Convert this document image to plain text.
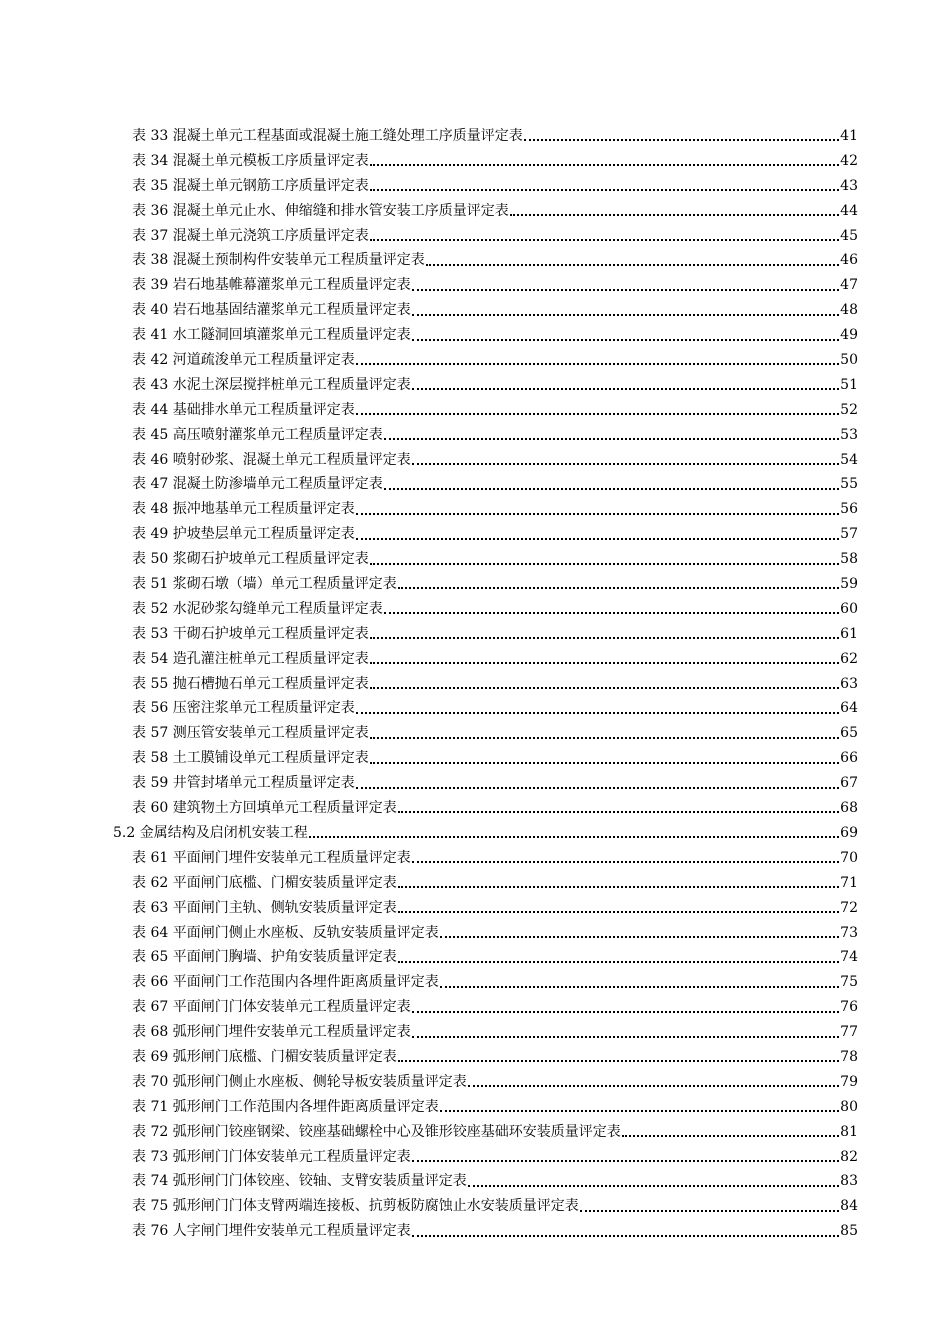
表 33 混凝土单元工程基面或混凝土施工缝处理工序质量评定表	41
表 34 混凝土单元模板工序质量评定表	42
表 35 混凝土单元钢筋工序质量评定表	43
表 36 混凝土单元止水、伸缩缝和排水管安装工序质量评定表	44
表 37 混凝土单元浇筑工序质量评定表	45
表 38 混凝土预制构件安装单元工程质量评定表	46
表 39 岩石地基帷幕灌浆单元工程质量评定表	47
表 40 岩石地基固结灌浆单元工程质量评定表	48
表 41 水工隧洞回填灌浆单元工程质量评定表	49
表 42 河道疏浚单元工程质量评定表	50
表 43 水泥土深层搅拌桩单元工程质量评定表	51
表 44 基础排水单元工程质量评定表	52
表 45 高压喷射灌浆单元工程质量评定表	53
表 46 喷射砂浆、混凝土单元工程质量评定表	54
表 47 混凝土防渗墙单元工程质量评定表	55
表 48 振冲地基单元工程质量评定表	56
表 49 护坡垫层单元工程质量评定表	57
表 50 浆砌石护坡单元工程质量评定表	58
表 51 浆砌石墩（墙）单元工程质量评定表	59
表 52 水泥砂浆勾缝单元工程质量评定表	60
表 53 干砌石护坡单元工程质量评定表	61
表 54 造孔灌注桩单元工程质量评定表	62
表 55 抛石槽抛石单元工程质量评定表	63
表 56 压密注浆单元工程质量评定表	64
表 57 测压管安装单元工程质量评定表	65
表 58 土工膜铺设单元工程质量评定表	66
表 59 井管封堵单元工程质量评定表	67
表 60 建筑物土方回填单元工程质量评定表	68
5.2 金属结构及启闭机安装工程	69
表 61 平面闸门埋件安装单元工程质量评定表	70
表 62 平面闸门底槛、门楣安装质量评定表	71
表 63 平面闸门主轨、侧轨安装质量评定表	72
表 64 平面闸门侧止水座板、反轨安装质量评定表	73
表 65 平面闸门胸墙、护角安装质量评定表	74
表 66 平面闸门工作范围内各埋件距离质量评定表	75
表 67 平面闸门门体安装单元工程质量评定表	76
表 68 弧形闸门埋件安装单元工程质量评定表	77
表 69 弧形闸门底槛、门楣安装质量评定表	78
表 70 弧形闸门侧止水座板、侧轮导板安装质量评定表	79
表 71 弧形闸门工作范围内各埋件距离质量评定表	80
表 72 弧形闸门铰座钢梁、铰座基础螺栓中心及锥形铰座基础环安装质量评定表	81
表 73 弧形闸门门体安装单元工程质量评定表	82
表 74 弧形闸门门体铰座、铰轴、支臂安装质量评定表	83
表 75 弧形闸门门体支臂两端连接板、抗剪板防腐蚀止水安装质量评定表	84
表 76 人字闸门埋件安装单元工程质量评定表	85
